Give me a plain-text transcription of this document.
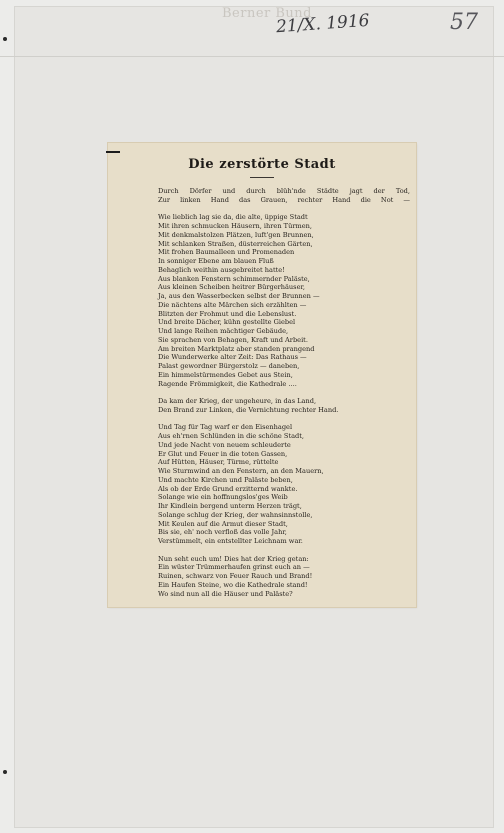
Berner Bund
21/X. 1916	57
Die zerstörte Stadt
Durch Dörfer und durch blüh'nde Städte jagt der Tod,
Zur linken Hand das Grauen, rechter Hand die Not —
Wie lieblich lag sie da, die alte, üppige Stadt
Mit ihren schmucken Häusern, ihren Türmen,
Mit denkmalstolzen Plätzen, luft'gen Brunnen,
Mit schlanken Straßen, düsterreichen Gärten,
Mit frohen Baumalleen und Promenaden
In sonniger Ebene am blauen Fluß
Behaglich weithin ausgebreitet hatte!
Aus blanken Fenstern schimmernder Paläste,
Aus kleinen Scheiben heitrer Bürgerhäuser,
Ja, aus den Wasserbecken selbst der Brunnen —
Die nächtens alte Märchen sich erzählten —
Blitzten der Frohmut und die Lebenslust.
Und breite Dächer, kühn gestellte Giebel
Und lange Reihen mächtiger Gebäude,
Sie sprachen von Behagen, Kraft und Arbeit.
Am breiten Marktplatz aber standen prangend
Die Wunderwerke alter Zeit: Das Rathaus —
Palast gewordner Bürgerstolz — daneben,
Ein himmelstürmendes Gebet aus Stein,
Ragende Frömmigkeit, die Kathedrale ....
Da kam der Krieg, der ungeheure, in das Land,
Den Brand zur Linken, die Vernichtung rechter Hand.
Und Tag für Tag warf er den Eisenhagel
Aus eh'rnen Schlünden in die schöne Stadt,
Und jede Nacht von neuem schleuderte
Er Glut und Feuer in die toten Gassen,
Auf Hütten, Häuser, Türme, rüttelte
Wie Sturmwind an den Fenstern, an den Mauern,
Und machte Kirchen und Paläste beben,
Als ob der Erde Grund erzitternd wankte.
Solange wie ein hoffnungslos'ges Weib
Ihr Kindlein bergend unterm Herzen trägt,
Solange schlug der Krieg, der wahnsinnstolle,
Mit Keulen auf die Armut dieser Stadt,
Bis sie, eh' noch verfloß das volle Jahr,
Verstümmelt, ein entstellter Leichnam war.
Nun seht euch um! Dies hat der Krieg getan:
Ein wüster Trümmerhaufen grinst euch an —
Ruinen, schwarz von Feuer Rauch und Brand!
Ein Haufen Steine, wo die Kathedrale stand!
Wo sind nun all die Häuser und Paläste?
